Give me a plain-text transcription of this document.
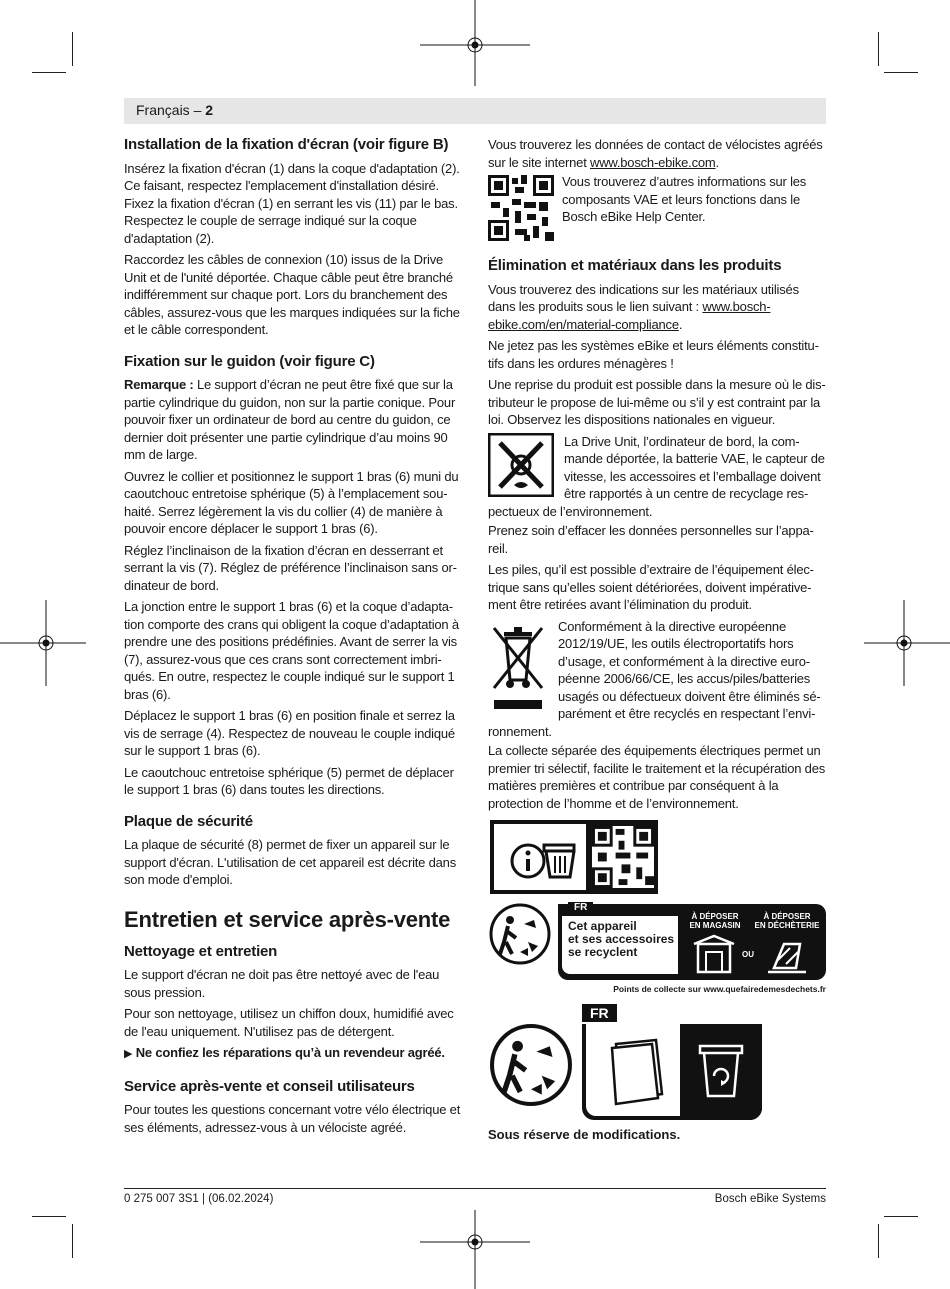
Français – 2
Installation de la fixation d'écran (voir figure B)

Insérez la fixation d'écran (1) dans la coque d'adaptation (2). Ce faisant, respectez l'emplacement d'installation désiré. Fixez la fixation d'écran (1) en serrant les vis (11) par le bas. Respectez le couple de serrage indiqué sur la coque d'adaptation (2).

Raccordez les câbles de connexion (10) issus de la Drive Unit et de l'unité déportée. Chaque câble peut être branché indifféremment sur chaque port. Lors du branchement des câbles, assurez-vous que les marques indiquées sur la fiche et le câble correspondent.

Fixation sur le guidon (voir figure C)

Remarque : Le support d’écran ne peut être fixé que sur la partie cylindrique du guidon, non sur la partie conique. Pour pouvoir fixer un ordinateur de bord au centre du guidon, ce dernier doit présenter une partie cylindrique d’au moins 90 mm de large.

Ouvrez le collier et positionnez le support 1 bras (6) muni du caoutchouc entretoise sphérique (5) à l’emplacement souhaité. Serrez légèrement la vis du collier (4) de manière à pouvoir encore déplacer le support 1 bras (6).

Réglez l’inclinaison de la fixation d’écran en desserrant et serrant la vis (7). Réglez de préférence l’inclinaison sans ordinateur de bord.

La jonction entre le support 1 bras (6) et la coque d’adaptation comporte des crans qui obligent la coque d’adaptation à prendre une des positions prédéfinies. Avant de serrer la vis (7), assurez-vous que ces crans sont correctement imbriqués. En outre, respectez le couple indiqué sur le support 1 bras (6).

Déplacez le support 1 bras (6) en position finale et serrez la vis de serrage (4). Respectez de nouveau le couple indiqué sur le support 1 bras (6).

Le caoutchouc entretoise sphérique (5) permet de déplacer le support 1 bras (6) dans toutes les directions.

Plaque de sécurité

La plaque de sécurité (8) permet de fixer un appareil sur le support d'écran. L'utilisation de cet appareil est décrite dans son mode d'emploi.

Entretien et service après-vente
Nettoyage et entretien

Le support d'écran ne doit pas être nettoyé avec de l'eau sous pression.

Pour son nettoyage, utilisez un chiffon doux, humidifié avec de l'eau uniquement. N'utilisez pas de détergent.

▶ Ne confiez les réparations qu’à un revendeur agréé.

Service après-vente et conseil utilisateurs

Pour toutes les questions concernant votre vélo électrique et ses éléments, adressez-vous à un vélociste agréé.

Vous trouverez les données de contact de vélocistes agréés sur le site internet www.bosch-ebike.com.

Vous trouverez d’autres informations sur les composants VAE et leurs fonctions dans le Bosch eBike Help Center.
Élimination et matériaux dans les produits

Vous trouverez des indications sur les matériaux utilisés dans les produits sous le lien suivant : www.bosch-ebike.com/en/material-compliance.

Ne jetez pas les systèmes eBike et leurs éléments constitutifs dans les ordures ménagères !

Une reprise du produit est possible dans la mesure où le distributeur le propose de lui-même ou s’il y est contraint par la loi. Observez les dispositions nationales en vigueur.

La Drive Unit, l’ordinateur de bord, la commande déportée, la batterie VAE, le capteur de vitesse, les accessoires et l’emballage doivent être rapportés à un centre de recyclage respectueux de l’environnement.

Prenez soin d’effacer les données personnelles sur l’appareil.

Les piles, qu’il est possible d’extraire de l’équipement électrique sans qu’elles soient détériorées, doivent impérativement être retirées avant l’élimination du produit.

Conformément à la directive européenne 2012/19/UE, les outils électroportatifs hors d’usage, et conformément à la directive européenne 2006/66/CE, les accus/piles/batteries usagés ou défectueux doivent être éliminés séparément et être recyclés en respectant l’environnement.

La collecte séparée des équipements électriques permet un premier tri sélectif, facilite le traitement et la récupération des matières premières et contribue par conséquent à la protection de l’homme et de l’environnement.

FR
Cet appareil
et ses accessoires
se recyclent
À DÉPOSER
EN MAGASIN
À DÉPOSER
EN DÉCHÈTERIE
OU
Points de collecte sur www.quefairedemesdechets.fr
FR
Sous réserve de modifications.
0 275 007 3S1 | (06.02.2024)	Bosch eBike Systems
